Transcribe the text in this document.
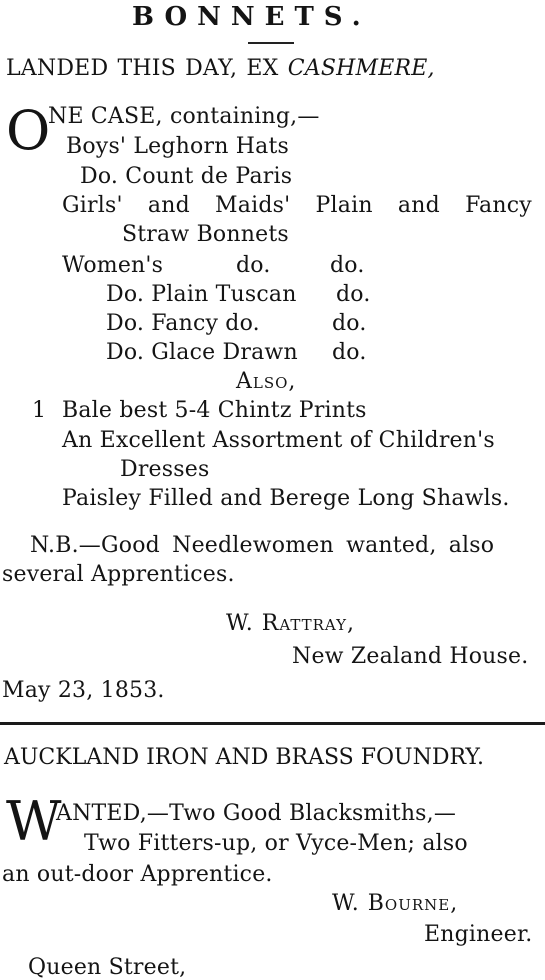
BONNETS.
LANDED THIS DAY, EX CASHMERE,
O
NE CASE, containing,—
Boys' Leghorn Hats
Do. Count de Paris
Girls' and Maids' Plain and Fancy
Straw Bonnets
Women's	do.	do.
Do. Plain Tuscan do.
Do. Fancy do.	do.
Do. Glace Drawn do.
Also,
1 Bale best 5-4 Chintz Prints
An Excellent Assortment of Children's
Dresses
Paisley Filled and Berege Long Shawls.
N.B.—Good Needlewomen wanted, also
several Apprentices.
W. Rattray,
New Zealand House.
May 23, 1853.
AUCKLAND IRON AND BRASS FOUNDRY.
W
ANTED,—Two Good Blacksmiths,—
Two Fitters-up, or Vyce-Men; also
an out-door Apprentice.
W. Bourne,
Engineer.
Queen Street,
